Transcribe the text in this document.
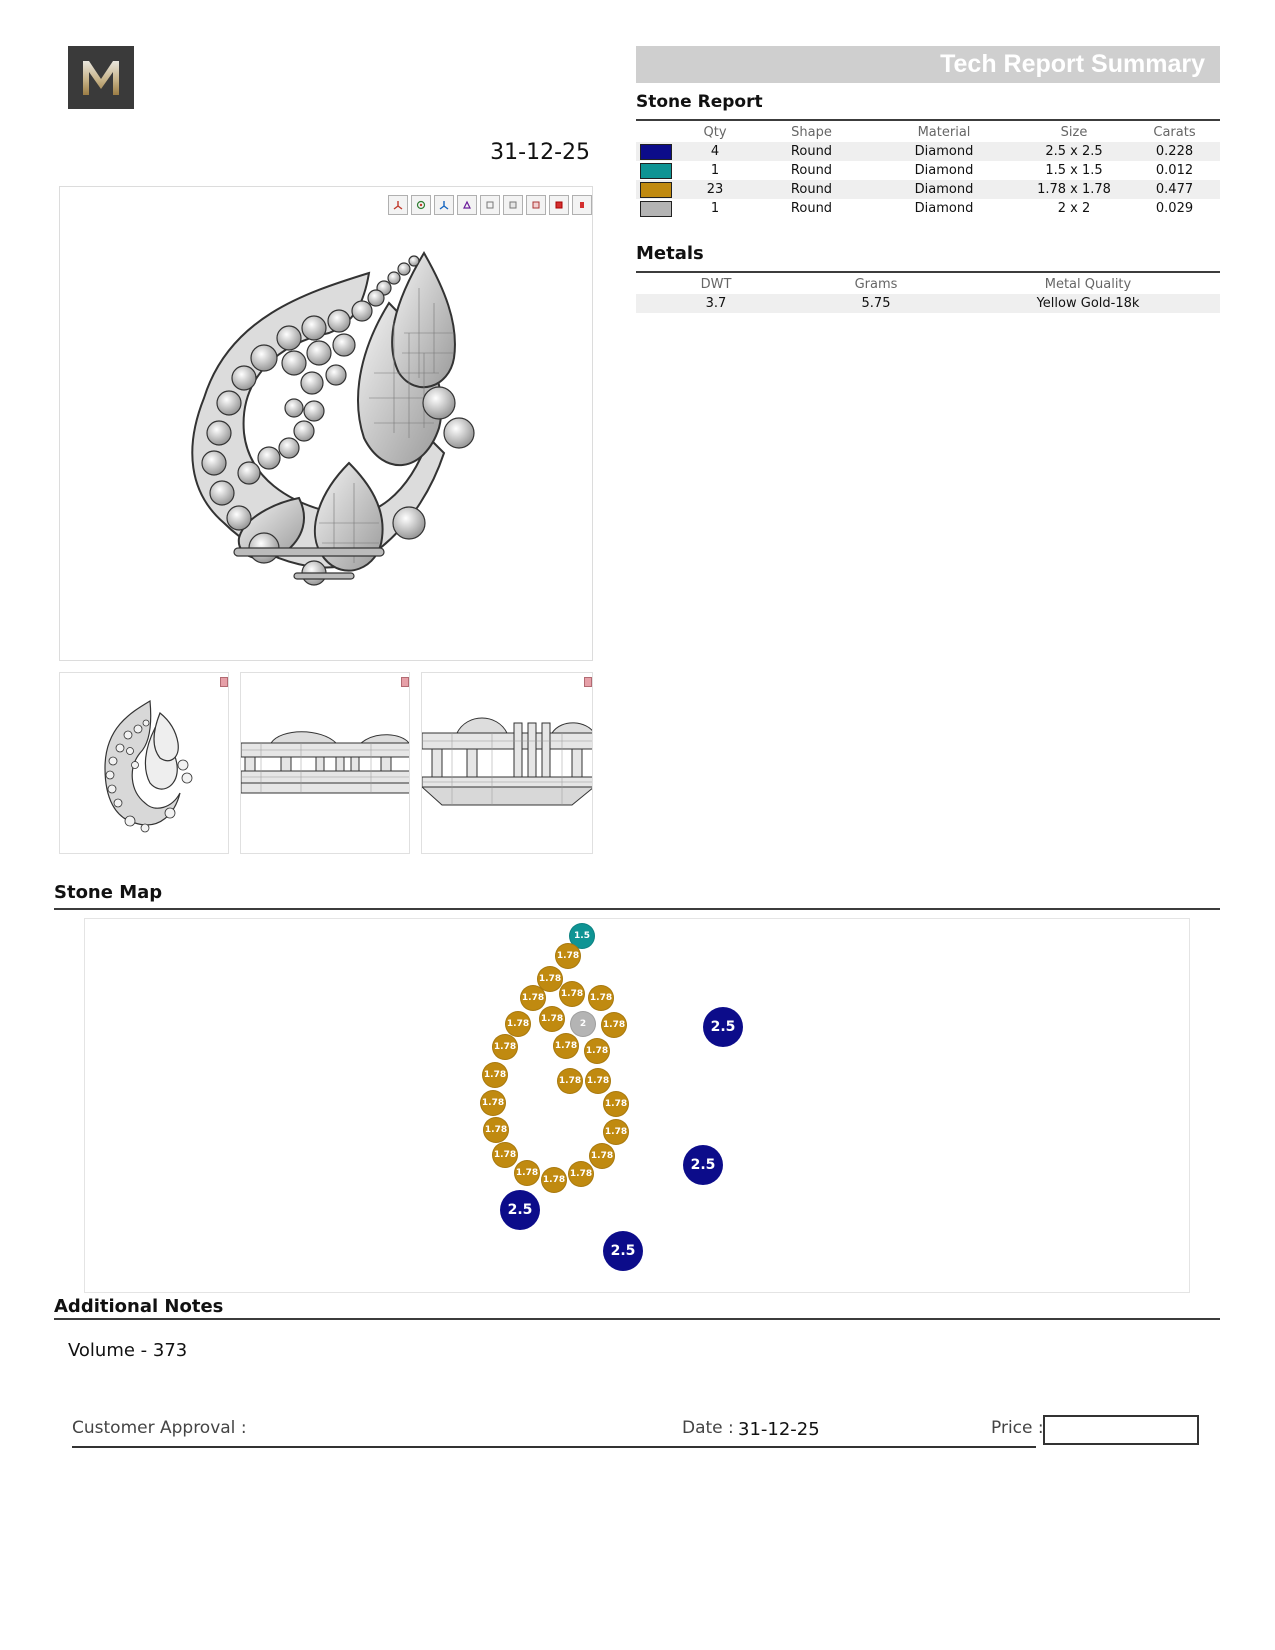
31-12-25
Tech Report Summary
Stone Report
	Qty	Shape	Material	Size	Carats

	4	Round	Diamond	2.5 x 2.5	0.228

	1	Round	Diamond	1.5 x 1.5	0.012

	23	Round	Diamond	1.78 x 1.78	0.477

	1	Round	Diamond	2 x 2	0.029
Metals
DWT	Grams	Metal Quality
3.7	5.75	Yellow Gold-18k
Stone Map
1.5
1.78
1.78
1.78 1.78 1.78
1.78 1.78	2	1.78
1.78	1.78 1.78
1.78
1.78 1.78
1.78	1.78
1.78	1.78
1.78	1.78
1.78
1.78
1.78
2.5
2.5
2.5
2.5
Additional Notes
Volume - 373
Customer Approval :	Date : 31-12-25	Price :
